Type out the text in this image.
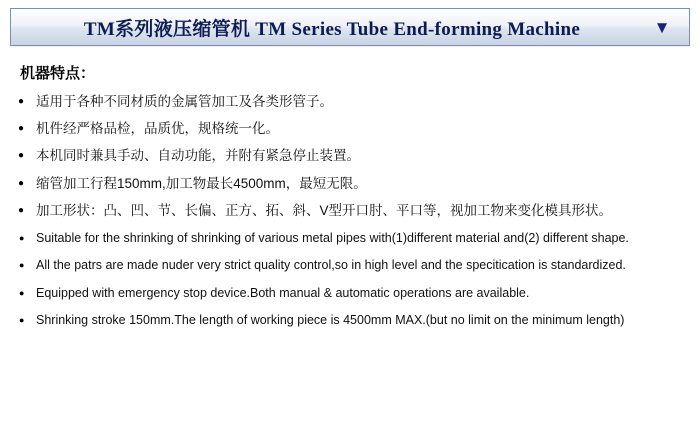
TM系列液压缩管机 TM Series Tube End-forming Machine	▼
机器特点：
● 适用于各种不同材质的金属管加工及各类形管子。
● 机件经严格品检，品质优，规格统一化。
● 本机同时兼具手动、自动功能，并附有紧急停止装置。
● 缩管加工行程150mm,加工物最长4500mm，最短无限。
● 加工形状：凸、凹、节、长偏、正方、拓、斜、V型开口肘、平口等，视加工物来变化模具形状。
● Suitable for the shrinking of shrinking of various metal pipes with(1)different material and(2) different shape.
● All the patrs are made nuder very strict quality control,so in high level and the specitication is standardized.
● Equipped with emergency stop device.Both manual & automatic operations are available.
● Shrinking stroke 150mm.The length of working piece is 4500mm MAX.(but no limit on the minimum length)
